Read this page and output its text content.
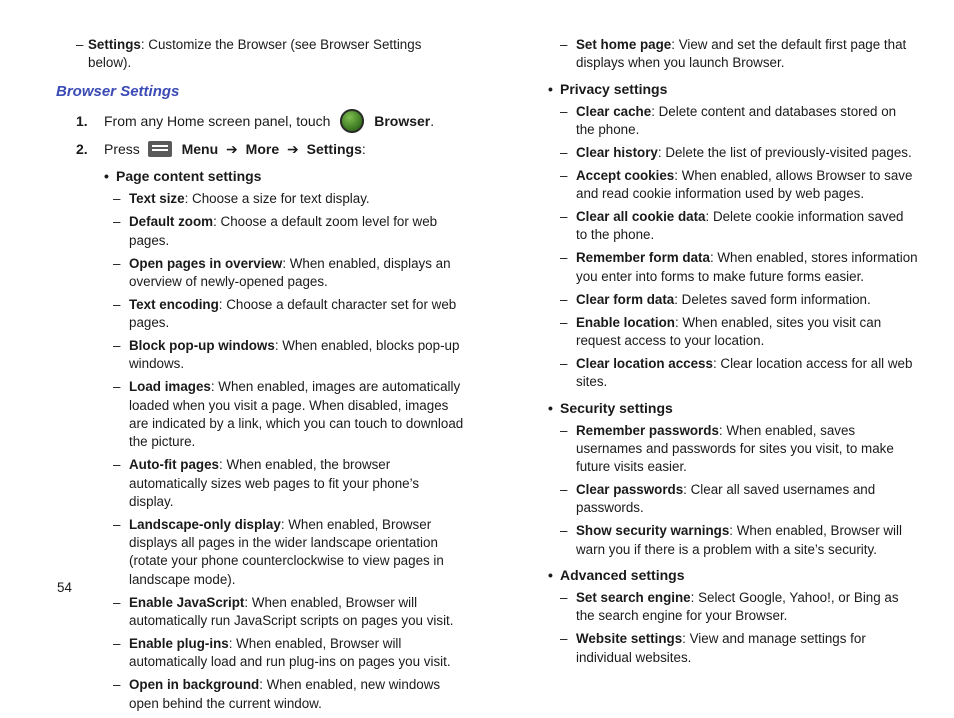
– Settings: Customize the Browser (see Browser Settings below).
Browser Settings
1. From any Home screen panel, touch	Browser.
2. Press	Menu ➔ More ➔ Settings:
• Page content settings
– Text size: Choose a size for text display.
– Default zoom: Choose a default zoom level for web pages.
– Open pages in overview: When enabled, displays an overview of newly-opened pages.
– Text encoding: Choose a default character set for web pages.
– Block pop-up windows: When enabled, blocks pop-up windows.
– Load images: When enabled, images are automatically loaded when you visit a page. When disabled, images are indicated by a link, which you can touch to download the picture.
– Auto-fit pages: When enabled, the browser automatically sizes web pages to fit your phone’s display.
– Landscape-only display: When enabled, Browser displays all pages in the wider landscape orientation (rotate your phone counterclockwise to view pages in landscape mode).
– Enable JavaScript: When enabled, Browser will automatically run JavaScript scripts on pages you visit.
– Enable plug-ins: When enabled, Browser will automatically load and run plug-ins on pages you visit.
– Open in background: When enabled, new windows open behind the current window.
– Set home page: View and set the default first page that displays when you launch Browser.
• Privacy settings
– Clear cache: Delete content and databases stored on the phone.
– Clear history: Delete the list of previously-visited pages.
– Accept cookies: When enabled, allows Browser to save and read cookie information used by web pages.
– Clear all cookie data: Delete cookie information saved to the phone.
– Remember form data: When enabled, stores information you enter into forms to make future forms easier.
– Clear form data: Deletes saved form information.
– Enable location: When enabled, sites you visit can request access to your location.
– Clear location access: Clear location access for all web sites.
• Security settings
– Remember passwords: When enabled, saves usernames and passwords for sites you visit, to make future visits easier.
– Clear passwords: Clear all saved usernames and passwords.
– Show security warnings: When enabled, Browser will warn you if there is a problem with a site’s security.
• Advanced settings
– Set search engine: Select Google, Yahoo!, or Bing as the search engine for your Browser.
– Website settings: View and manage settings for individual websites.
54
